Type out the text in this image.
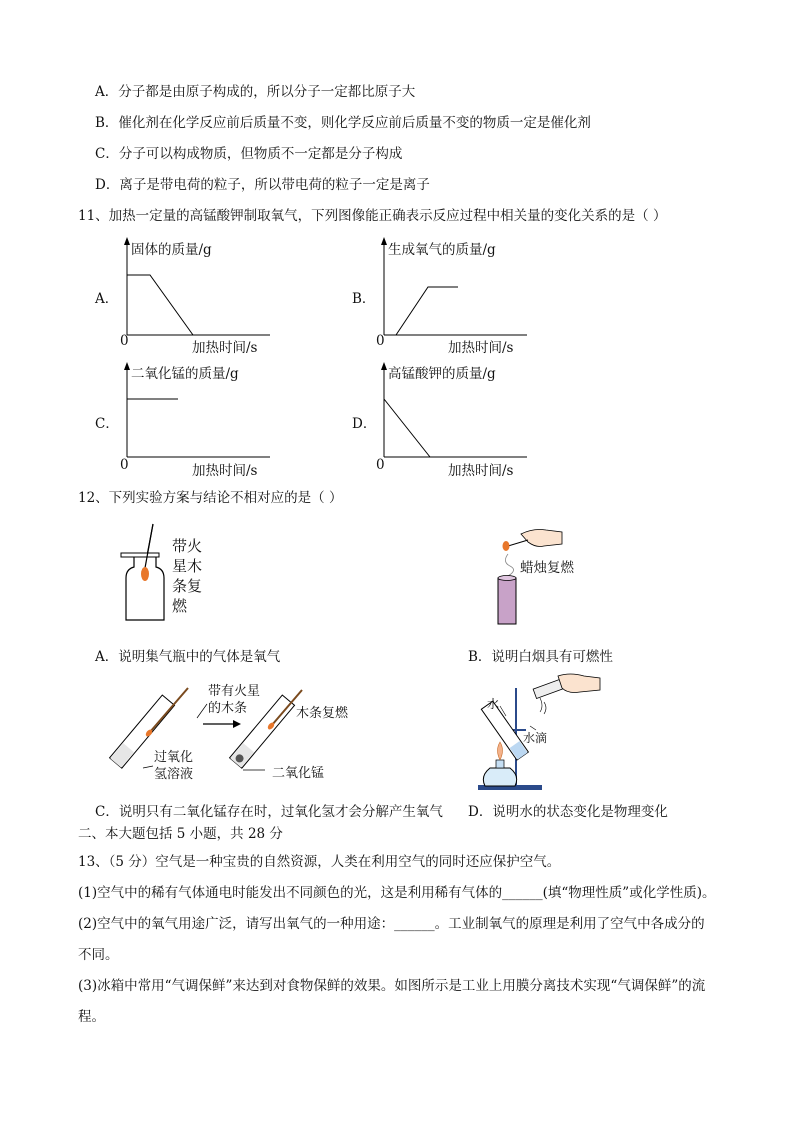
A．分子都是由原子构成的，所以分子一定都比原子大
B．催化剂在化学反应前后质量不变，则化学反应前后质量不变的物质一定是催化剂
C．分子可以构成物质，但物质不一定都是分子构成
D．离子是带电荷的粒子，所以带电荷的粒子一定是离子
11、加热一定量的高锰酸钾制取氧气，下列图像能正确表示反应过程中相关量的变化关系的是（ ）
A．
固体的质量/g
0	加热时间/s
B．
生成氧气的质量/g
0	加热时间/s
C．
二氧化锰的质量/g
0	加热时间/s
D．
高锰酸钾的质量/g
0	加热时间/s
12、下列实验方案与结论不相对应的是（ ）
带火星木条复燃
A．说明集气瓶中的气体是氧气
蜡烛复燃
B．说明白烟具有可燃性
带有火星
的木条	木条复燃
过氧化
氢溶液	二氧化锰
C．说明只有二氧化锰存在时，过氧化氢才会分解产生氧气
水
水滴
D．说明水的状态变化是物理变化
二、本大题包括 5 小题，共 28 分
13、（5 分）空气是一种宝贵的自然资源，人类在利用空气的同时还应保护空气。
(1)空气中的稀有气体通电时能发出不同颜色的光，这是利用稀有气体的______(填“物理性质”或化学性质)。
(2)空气中的氧气用途广泛，请写出氧气的一种用途：______。工业制氧气的原理是利用了空气中各成分的
不同。
(3)冰箱中常用“气调保鲜”来达到对食物保鲜的效果。如图所示是工业上用膜分离技术实现“气调保鲜”的流
程。
